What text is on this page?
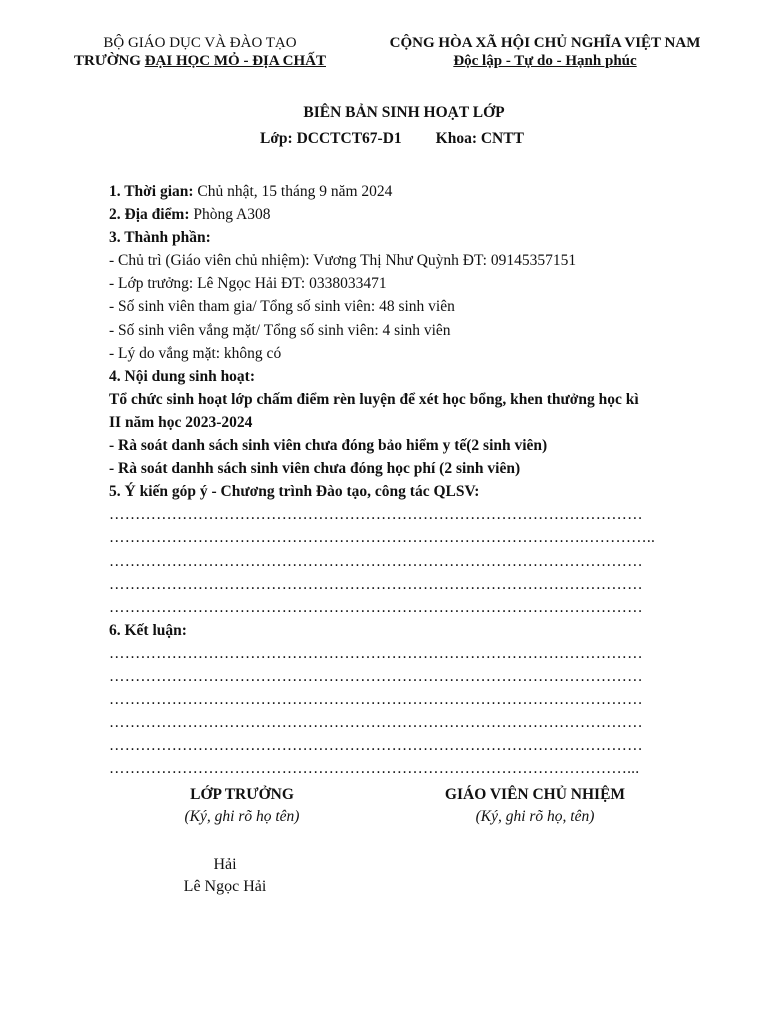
BỘ GIÁO DỤC VÀ ĐÀO TẠO
TRƯỜNG ĐẠI HỌC MỎ - ĐỊA CHẤT
CỘNG HÒA XÃ HỘI CHỦ NGHĨA VIỆT NAM
Độc lập - Tự do - Hạnh phúc
BIÊN BẢN SINH HOẠT LỚP
Lớp: DCCTCT67-D1 Khoa: CNTT
1. Thời gian: Chủ nhật, 15 tháng 9 năm 2024
2. Địa điểm: Phòng A308
3. Thành phần:
- Chủ trì (Giáo viên chủ nhiệm): Vương Thị Như Quỳnh ĐT: 09145357151
- Lớp trưởng: Lê Ngọc Hải ĐT: 0338033471
- Số sinh viên tham gia/ Tổng số sinh viên: 48 sinh viên
- Số sinh viên vắng mặt/ Tổng số sinh viên: 4 sinh viên
- Lý do vắng mặt: không có
4. Nội dung sinh hoạt:
Tổ chức sinh hoạt lớp chấm điểm rèn luyện để xét học bổng, khen thưởng học kì
II năm học 2023-2024
- Rà soát danh sách sinh viên chưa đóng bảo hiểm y tế(2 sinh viên)
- Rà soát danhh sách sinh viên chưa đóng học phí (2 sinh viên)
5. Ý kiến góp ý - Chương trình Đào tạo, công tác QLSV:
…………………………………………………………………………………………
……………………………………………………………………………….…………..
…………………………………………………………………………………………
…………………………………………………………………………………………
…………………………………………………………………………………………
6. Kết luận:
…………………………………………………………………………………………
…………………………………………………………………………………………
…………………………………………………………………………………………
…………………………………………………………………………………………
…………………………………………………………………………………………
………………………………………………………………………………………...
LỚP TRƯỞNG
(Ký, ghi rõ họ tên)
GIÁO VIÊN CHỦ NHIỆM
(Ký, ghi rõ họ, tên)
Hải
Lê Ngọc Hải
